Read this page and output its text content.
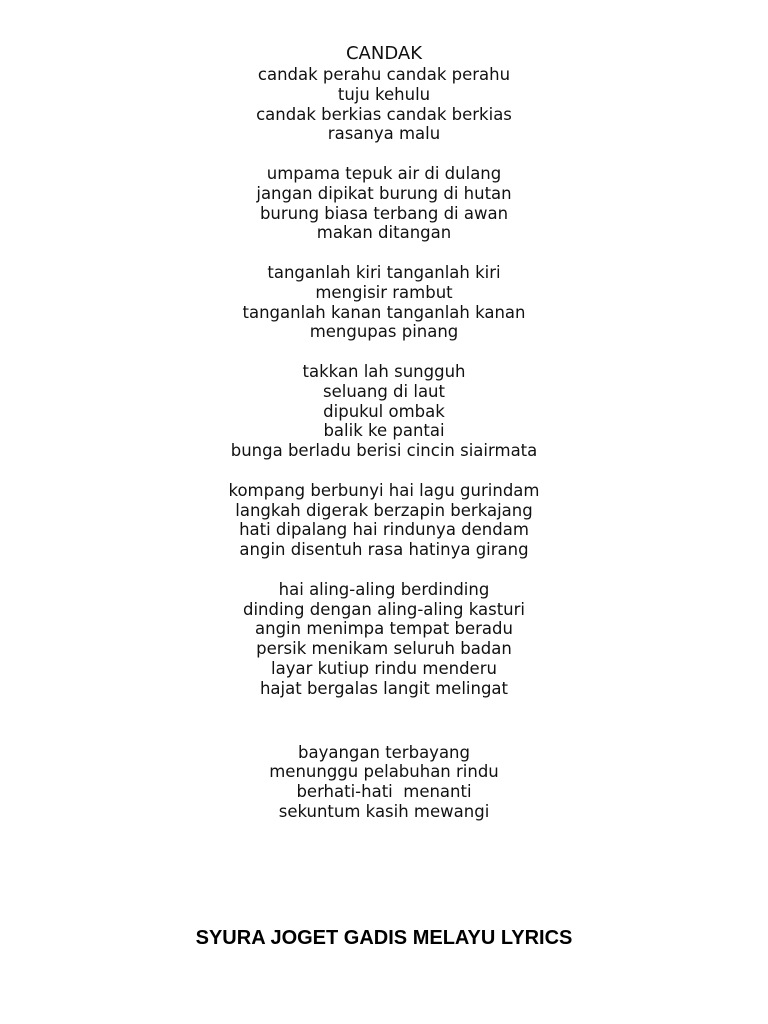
CANDAK
candak perahu candak perahu
tuju kehulu
candak berkias candak berkias
rasanya malu
umpama tepuk air di dulang
jangan dipikat burung di hutan
burung biasa terbang di awan
makan ditangan
tanganlah kiri tanganlah kiri
mengisir rambut
tanganlah kanan tanganlah kanan
mengupas pinang
takkan lah sungguh
seluang di laut
dipukul ombak
balik ke pantai
bunga berladu berisi cincin siairmata
kompang berbunyi hai lagu gurindam
langkah digerak berzapin berkajang
hati dipalang hai rindunya dendam
angin disentuh rasa hatinya girang
hai aling-aling berdinding
dinding dengan aling-aling kasturi
angin menimpa tempat beradu
persik menikam seluruh badan
layar kutiup rindu menderu
hajat bergalas langit melingat
bayangan terbayang
menunggu pelabuhan rindu
berhati-hati  menanti
sekuntum kasih mewangi
SYURA JOGET GADIS MELAYU LYRICS
